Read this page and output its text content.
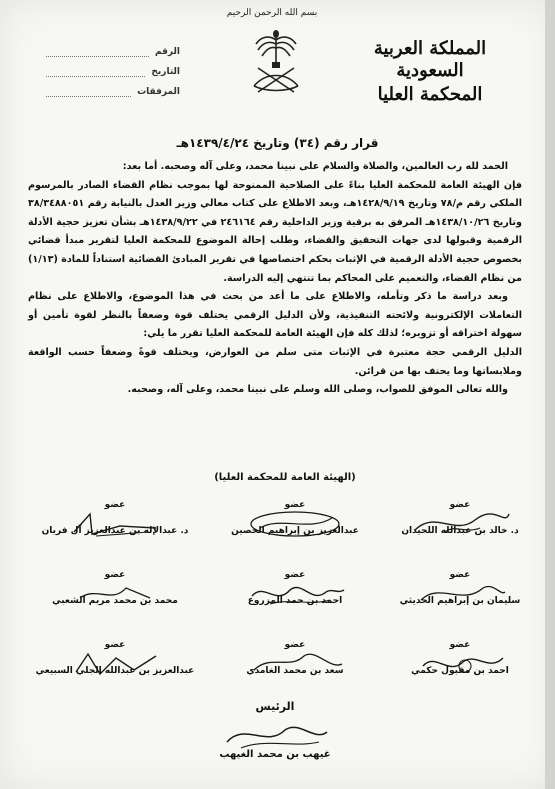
بسم الله الرحمن الرحيم
المملكة العربية السعودية
المحكمة العليا
الرقم
التاريخ
المرفقات
قرار رقم (٣٤) وتاريخ ١٤٣٩/٤/٢٤هـ

الحمد لله رب العالمين، والصلاة والسلام على نبينا محمد، وعلى آله وصحبه. أما بعد:

فإن الهيئة العامة للمحكمة العليا بناءً على الصلاحية الممنوحة لها بموجب نظام القضاء الصادر بالمرسوم الملكي رقم م/٧٨ وتاريخ ١٤٢٨/٩/١٩هـ، وبعد الاطلاع على كتاب معالي وزير العدل بالنيابة رقم ٣٨/٣٤٨٨٠٥١ وتاريخ ١٤٣٨/١٠/٢٦هـ المرفق به برقية وزير الداخلية رقم ٢٤٦١٦٤ في ١٤٣٨/٩/٢٢هـ بشأن تعزيز حجية الأدلة الرقمية وقبولها لدى جهات التحقيق والقضاء، وطلب إحالة الموضوع للمحكمة العليا لتقرير مبدأ قضائي بخصوص حجية الأدلة الرقمية في الإثبات بحكم اختصاصها في تقرير المبادئ القضائية استناداً للمادة (١/١٣) من نظام القضاء، والتعميم على المحاكم بما تنتهي إليه الدراسة.

وبعد دراسة ما ذكر وتأمله، والاطلاع على ما أعد من بحث في هذا الموضوع، والاطلاع على نظام التعاملات الإلكترونية ولائحته التنفيذية، ولأن الدليل الرقمي يختلف قوة وضعفاً بالنظر لقوة تأمين أو سهولة اختراقه أو تزويره؛ لذلك كله فإن الهيئة العامة للمحكمة العليا تقرر ما يلي:

الدليل الرقمي حجة معتبرة في الإثبات متى سلم من العوارض، ويختلف قوةً وضعفاً حسب الواقعة وملابساتها وما يحتف بها من قرائن.

والله تعالى الموفق للصواب، وصلى الله وسلم على نبينا محمد، وعلى آله، وصحبه.

(الهيئة العامة للمحكمة العليا)
عضو
د. خالد بن عبدالله اللحيدان
عضو
عبدالعزيز بن إبراهيم الحصين
عضو
د. عبدالإله بن عبدالعزيز آل فريان
عضو
سليمان بن إبراهيم الحديثي
عضو
احمد بن حمد المزروع
عضو
محمد بن محمد مريم الشعبي
عضو
احمد بن مقبول حكمي
عضو
سعد بن محمد الغامدي
عضو
عبدالعزيز بن عبدالله الجلي السبيعي
الرئيس
غيهب بن محمد الغيهب
